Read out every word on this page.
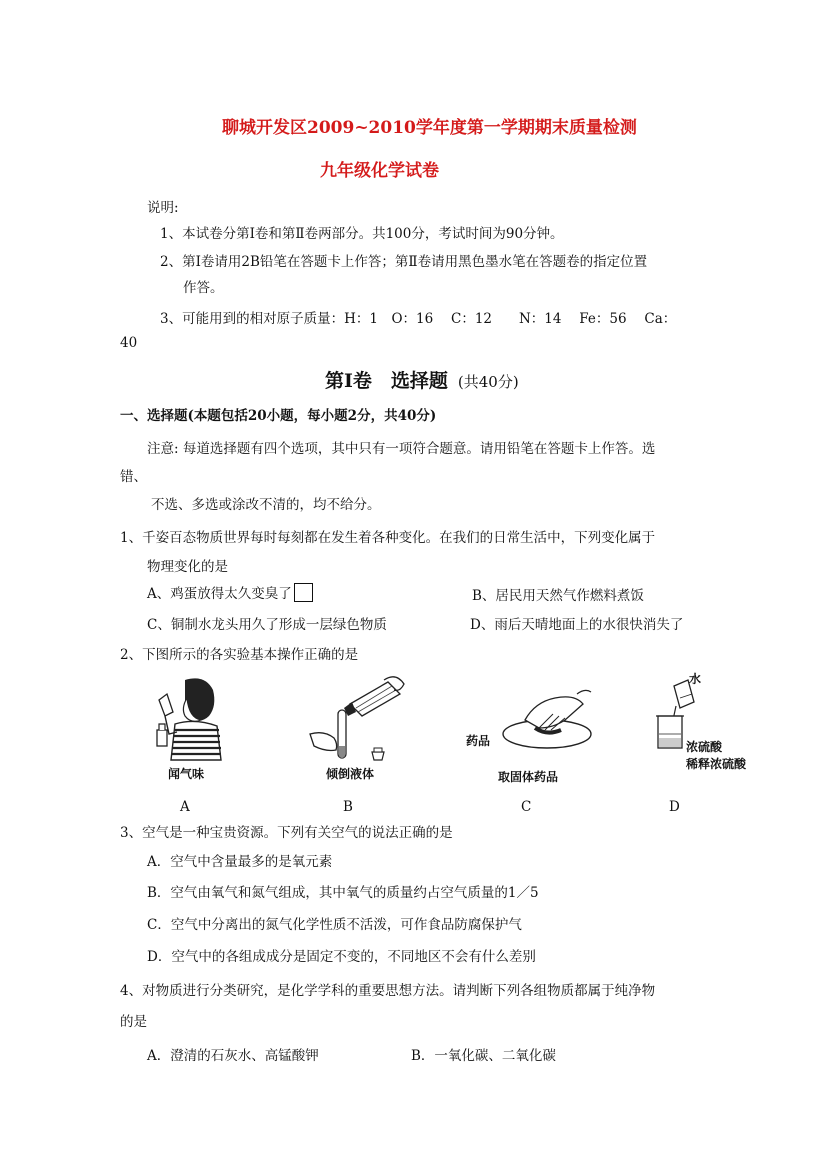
聊城开发区2009~2010学年度第一学期期末质量检测
九年级化学试卷
说明:
1、本试卷分第Ⅰ卷和第Ⅱ卷两部分。共100分，考试时间为90分钟。
2、第Ⅰ卷请用2B铅笔在答题卡上作答；第Ⅱ卷请用黑色墨水笔在答题卷的指定位置
作答。
3、可能用到的相对原子质量：H：1　O：16　 C：12　　N：14　 Fe：56　 Ca：
40
第Ⅰ卷　选择题 (共40分)
一、选择题(本题包括20小题，每小题2分，共40分)
注意: 每道选择题有四个选项，其中只有一项符合题意。请用铅笔在答题卡上作答。选
错、
不选、多选或涂改不清的，均不给分。
1、千姿百态物质世界每时每刻都在发生着各种变化。在我们的日常生活中，下列变化属于
物理变化的是
A、鸡蛋放得太久变臭了	B、居民用天然气作燃料煮饭
C、铜制水龙头用久了形成一层绿色物质	D、雨后天晴地面上的水很快消失了
2、下图所示的各实验基本操作正确的是
闻气味	倾倒液体
药品
取固体药品
水
浓硫酸
稀释浓硫酸
A	B	C	D
3、空气是一种宝贵资源。下列有关空气的说法正确的是
A．空气中含量最多的是氧元素
B．空气由氧气和氮气组成，其中氧气的质量约占空气质量的1／5
C．空气中分离出的氮气化学性质不活泼，可作食品防腐保护气
D．空气中的各组成成分是固定不变的，不同地区不会有什么差别
4、对物质进行分类研究，是化学学科的重要思想方法。请判断下列各组物质都属于纯净物
的是
A．澄清的石灰水、高锰酸钾	B．一氧化碳、二氧化碳
